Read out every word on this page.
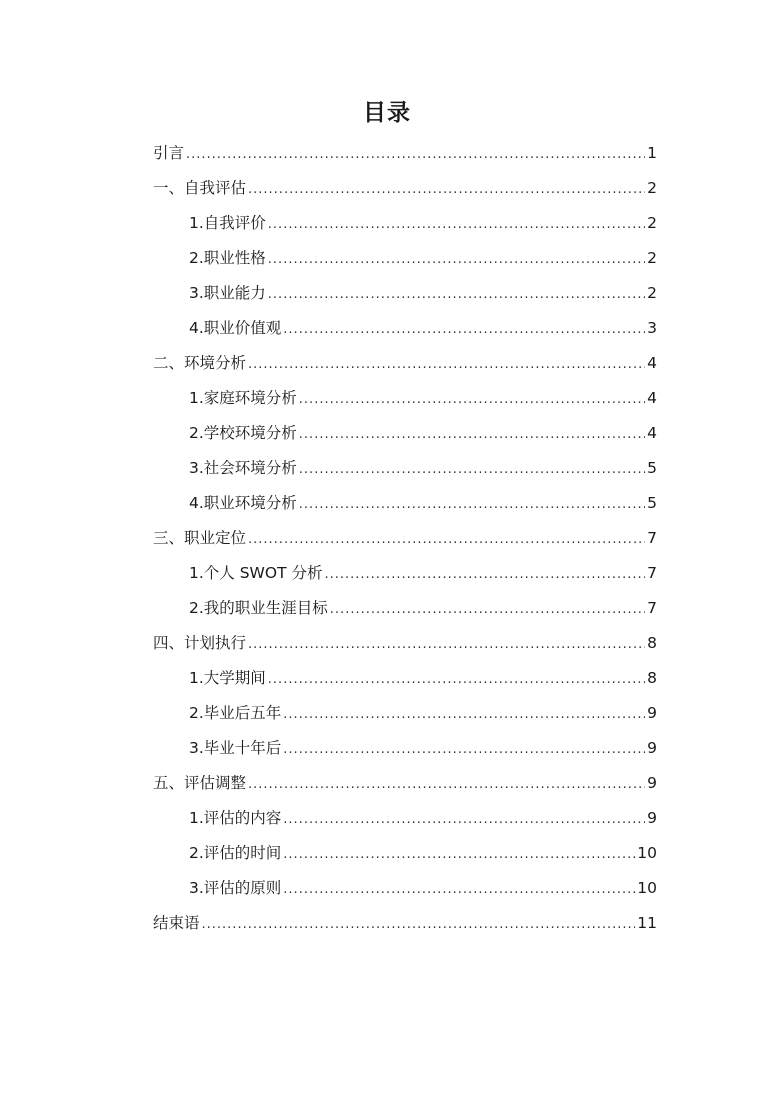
目录
引言 .....	1
一、自我评估 .....	2
1.自我评价 .....	2
2.职业性格 .....	2
3.职业能力 .....	2
4.职业价值观 .....	3
二、环境分析 .....	4
1.家庭环境分析 .....	4
2.学校环境分析 .....	4
3.社会环境分析 .....	5
4.职业环境分析 .....	5
三、职业定位 .....	7
1.个人 SWOT 分析 .....	7
2.我的职业生涯目标 .....	7
四、计划执行 .....	8
1.大学期间 .....	8
2.毕业后五年 .....	9
3.毕业十年后 .....	9
五、评估调整 .....	9
1.评估的内容 .....	9
2.评估的时间 .....	10
3.评估的原则 .....	10
结束语 .....	11
